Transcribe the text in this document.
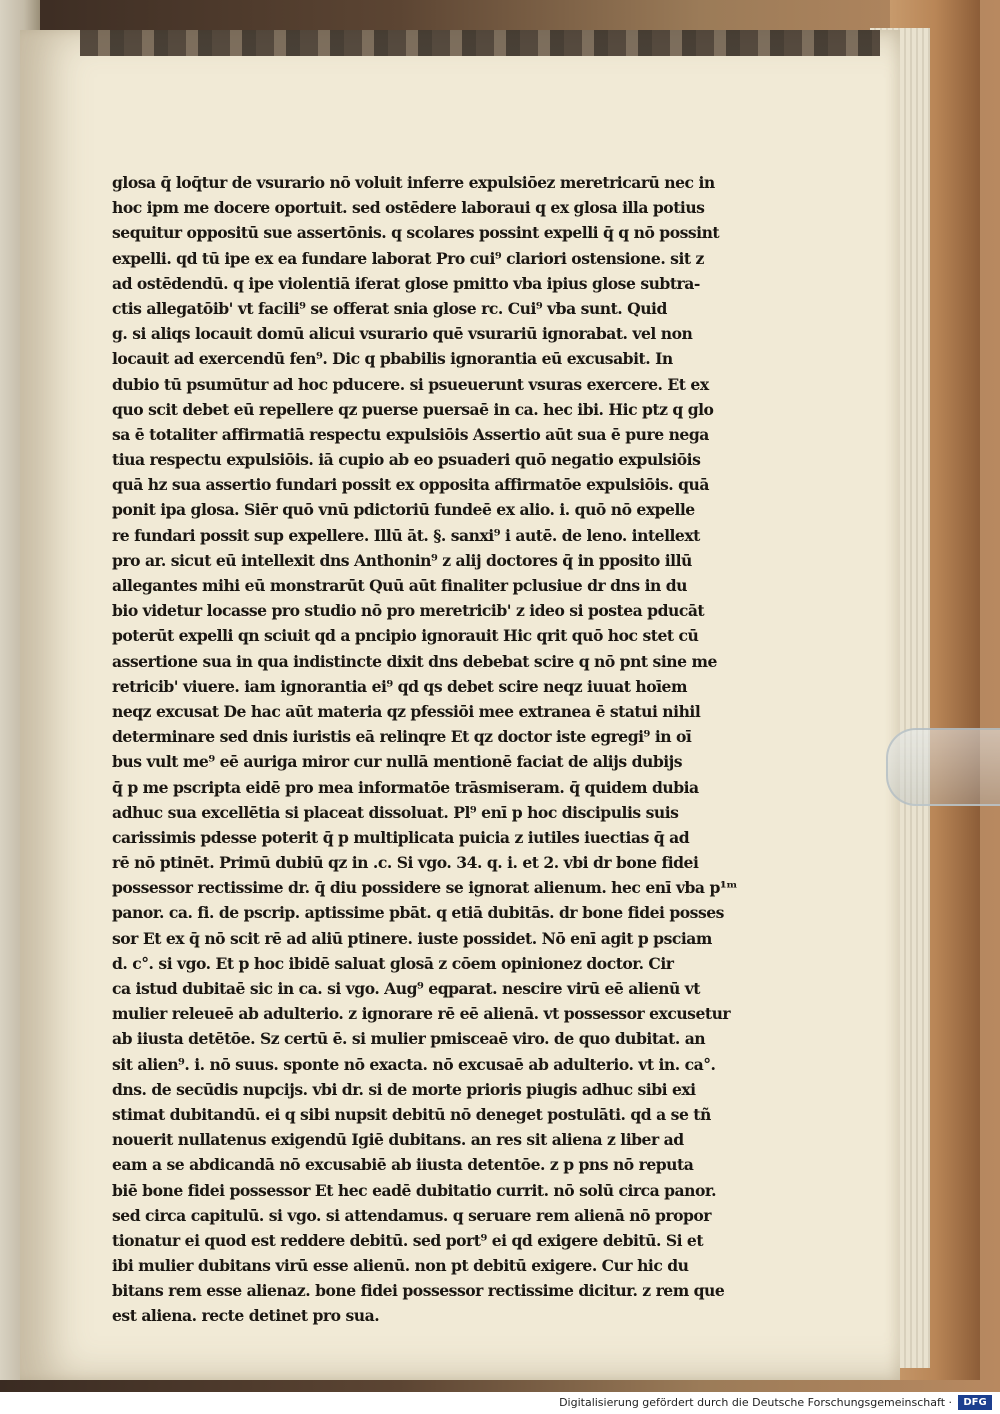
glosa q̄ loq̄tur de vsurario nō voluit inferre expulsiōez meretricarū nec in
hoc ipm me docere oportuit. sed ostēdere laboraui q ex glosa illa potius
sequitur oppositū sue assertōnis. q scolares possint expelli q̄ q nō possint
expelli. qd tū ipe ex ea fundare laborat Pro cui⁹ clariori ostensione. sit z
ad ostēdendū. q ipe violentiā iferat glose pmitto vba ipius glose subtra-
ctis allegatōib' vt facili⁹ se offerat snia glose rc. Cui⁹ vba sunt. Quid
g. si aliqs locauit domū alicui vsurario quē vsurariū ignorabat. vel non
locauit ad exercendū fen⁹. Dic q pbabilis ignorantia eū excusabit. In
dubio tū psumūtur ad hoc pducere. si psueuerunt vsuras exercere. Et ex
quo scit debet eū repellere qz puerse puersaē in ca. hec ibi. Hic ptz q glo
sa ē totaliter affirmatiā respectu expulsiōis Assertio aūt sua ē pure nega
tiua respectu expulsiōis. iā cupio ab eo psuaderi quō negatio expulsiōis
quā hz sua assertio fundari possit ex opposita affirmatōe expulsiōis. quā
ponit ipa glosa. Siēr quō vnū pdictoriū fundeē ex alio. i. quō nō expelle
re fundari possit sup expellere. Illū āt. §. sanxi⁹ i autē. de leno. intellext
pro ar. sicut eū intellexit dns Anthonin⁹ z alij doctores q̄ in pposito illū
allegantes mihi eū monstrarūt Quū aūt finaliter pclusiue dr dns in du
bio videtur locasse pro studio nō pro meretricib' z ideo si postea pducāt
poterūt expelli qn sciuit qd a pncipio ignorauit Hic qrit quō hoc stet cū
assertione sua in qua indistincte dixit dns debebat scire q nō pnt sine me
retricib' viuere. iam ignorantia ei⁹ qd qs debet scire neqz iuuat hoīem
neqz excusat De hac aūt materia qz pfessiōi mee extranea ē statui nihil
determinare sed dnis iuristis eā relinqre Et qz doctor iste egregi⁹ in oī
bus vult me⁹ eē auriga miror cur nullā mentionē faciat de alijs dubijs
q̄ p me pscripta eidē pro mea informatōe trāsmiseram. q̄ quidem dubia
adhuc sua excellētia si placeat dissoluat. Pl⁹ enī p hoc discipulis suis
carissimis pdesse poterit q̄ p multiplicata puicia z iutiles iuectias q̄ ad
rē nō ptinēt. Primū dubiū qz in .c. Si vgo. 34. q. i. et 2. vbi dr bone fidei
possessor rectissime dr. q̄ diu possidere se ignorat alienum. hec enī vba p¹ᵐ
panor. ca. fi. de pscrip. aptissime pbāt. q etiā dubitās. dr bone fidei posses
sor Et ex q̄ nō scit rē ad aliū ptinere. iuste possidet. Nō enī agit p psciam
d. c°. si vgo. Et p hoc ibidē saluat glosā z cōem opinionez doctor. Cir
ca istud dubitaē sic in ca. si vgo. Aug⁹ eqparat. nescire virū eē alienū vt
mulier releueē ab adulterio. z ignorare rē eē alienā. vt possessor excusetur
ab iiusta detētōe. Sz certū ē. si mulier pmisceaē viro. de quo dubitat. an
sit alien⁹. i. nō suus. sponte nō exacta. nō excusaē ab adulterio. vt in. ca°.
dns. de secūdis nupcijs. vbi dr. si de morte prioris piugis adhuc sibi exi
stimat dubitandū. ei q sibi nupsit debitū nō deneget postulāti. qd a se tñ
nouerit nullatenus exigendū Igiē dubitans. an res sit aliena z liber ad
eam a se abdicandā nō excusabiē ab iiusta detentōe. z p pns nō reputa
biē bone fidei possessor Et hec eadē dubitatio currit. nō solū circa panor.
sed circa capitulū. si vgo. si attendamus. q seruare rem alienā nō propor
tionatur ei quod est reddere debitū. sed port⁹ ei qd exigere debitū. Si et
ibi mulier dubitans virū esse alienū. non pt debitū exigere. Cur hic du
bitans rem esse alienaz. bone fidei possessor rectissime dicitur. z rem que
est aliena. recte detinet pro sua.
Digitalisierung gefördert durch die Deutsche Forschungsgemeinschaft ·	DFG
